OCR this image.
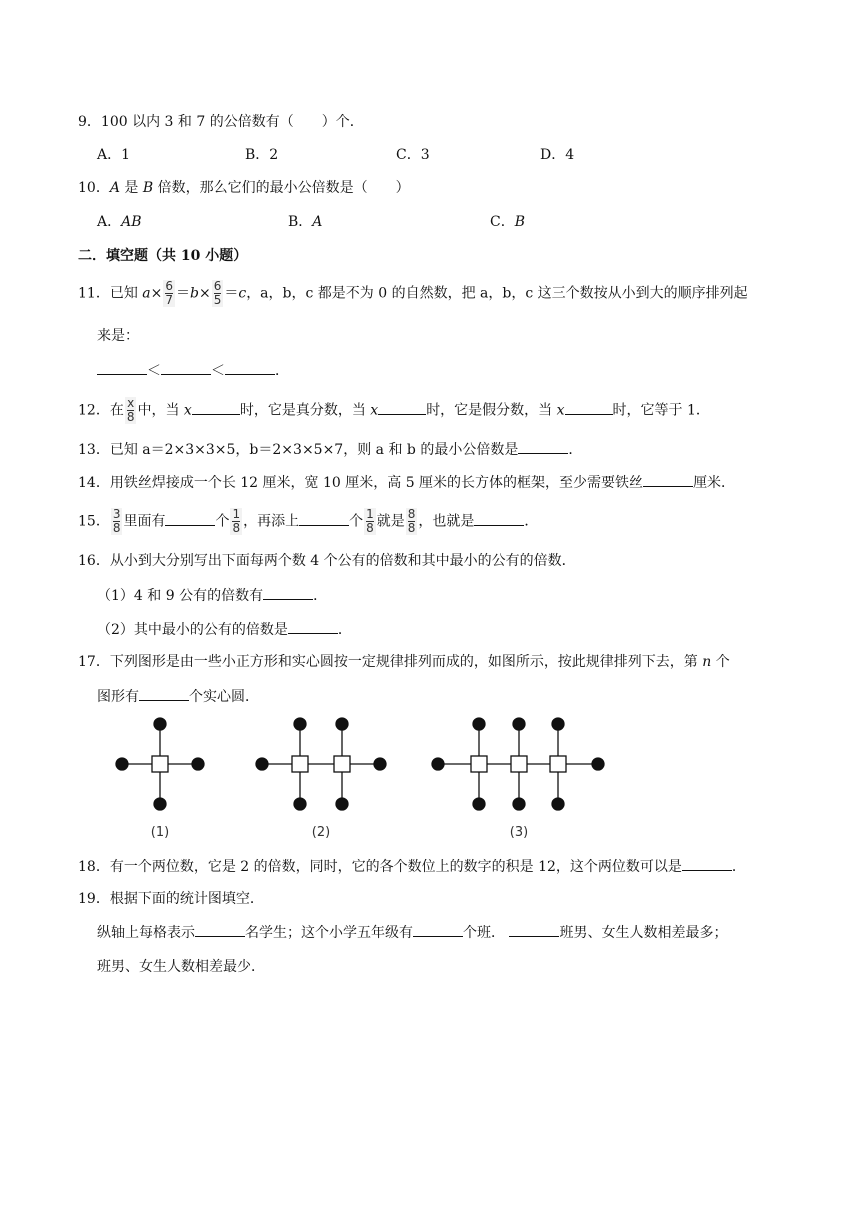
9．100 以内 3 和 7 的公倍数有（　　）个．
A．1	B．2	C．3	D．4
10．A 是 B 倍数，那么它们的最小公倍数是（　　）
A．AB	B．A	C．B
二．填空题（共 10 小题）
11．已知 $a\times \frac{6}{7} =b\times \frac{6}{5} =c$，a，b，c 都是不为 0 的自然数，把 a，b，c 这三个数按从小到大的顺序排列起
来是：
＜	＜	．
12．在 $\frac{x}{8}$ 中，当 x	时，它是真分数，当 x	时，它是假分数，当 x	时，它等于 1．
13．已知 a＝2×3×3×5，b＝2×3×5×7，则 a 和 b 的最小公倍数是	．
14．用铁丝焊接成一个长 12 厘米，宽 10 厘米，高 5 厘米的长方体的框架，至少需要铁丝	厘米．
15． $\frac{3}{8}$ 里面有	个 $\frac{1}{8}$ ，再添上	个 $\frac{1}{8}$ 就是 $\frac{8}{8}$ ，也就是	．
16．从小到大分别写出下面每两个数 4 个公有的倍数和其中最小的公有的倍数．
（1）4 和 9 公有的倍数有	．
（2）其中最小的公有的倍数是	．
17．下列图形是由一些小正方形和实心圆按一定规律排列而成的，如图所示，按此规律排列下去，第 n 个
图形有	个实心圆．
(1)	(2)	(3)
18．有一个两位数，它是 2 的倍数，同时，它的各个数位上的数字的积是 12，这个两位数可以是	．
19．根据下面的统计图填空．
纵轴上每格表示	名学生；这个小学五年级有	个班．	班男、女生人数相差最多；
班男、女生人数相差最少．
